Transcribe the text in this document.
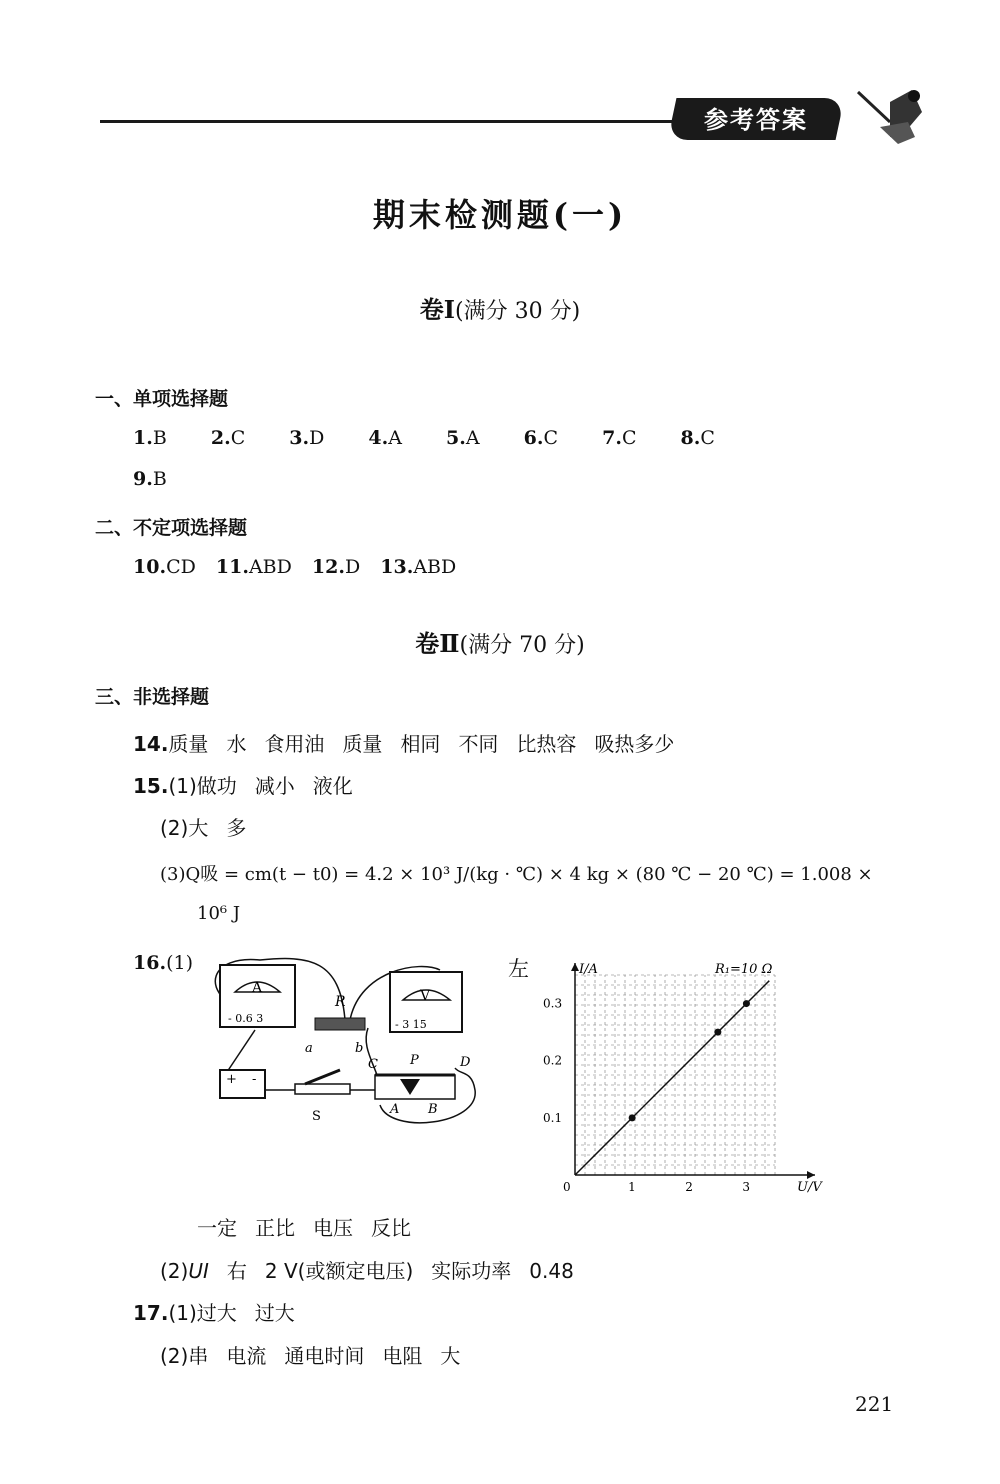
参考答案
期末检测题(一)
卷Ⅰ(满分 30 分)
一、单项选择题
1.B 2.C 3.D 4.A 5.A 6.C 7.C 8.C
9.B
二、不定项选择题
10.CD 11.ABD 12.D 13.ABD
卷Ⅱ(满分 70 分)
三、非选择题
14.质量 水 食用油 质量 相同 不同 比热容 吸热多少
15.(1)做功 减小 液化
(2)大 多
(3)Q吸 = cm(t − t0) = 4.2 × 10³ J/(kg · ℃) × 4 kg × (80 ℃ − 20 ℃) = 1.008 ×
10⁶ J
16.(1)
A
- 0.6 3
R
a	b
V
- 3 15
+ -
S
C P	D
A B
左
0	1	2	3
0.1
0.2
0.3
I/A
U/V
R₁=10 Ω
一定 正比 电压 反比
(2)UI 右 2 V(或额定电压) 实际功率 0.48
17.(1)过大 过大
(2)串 电流 通电时间 电阻 大
221
